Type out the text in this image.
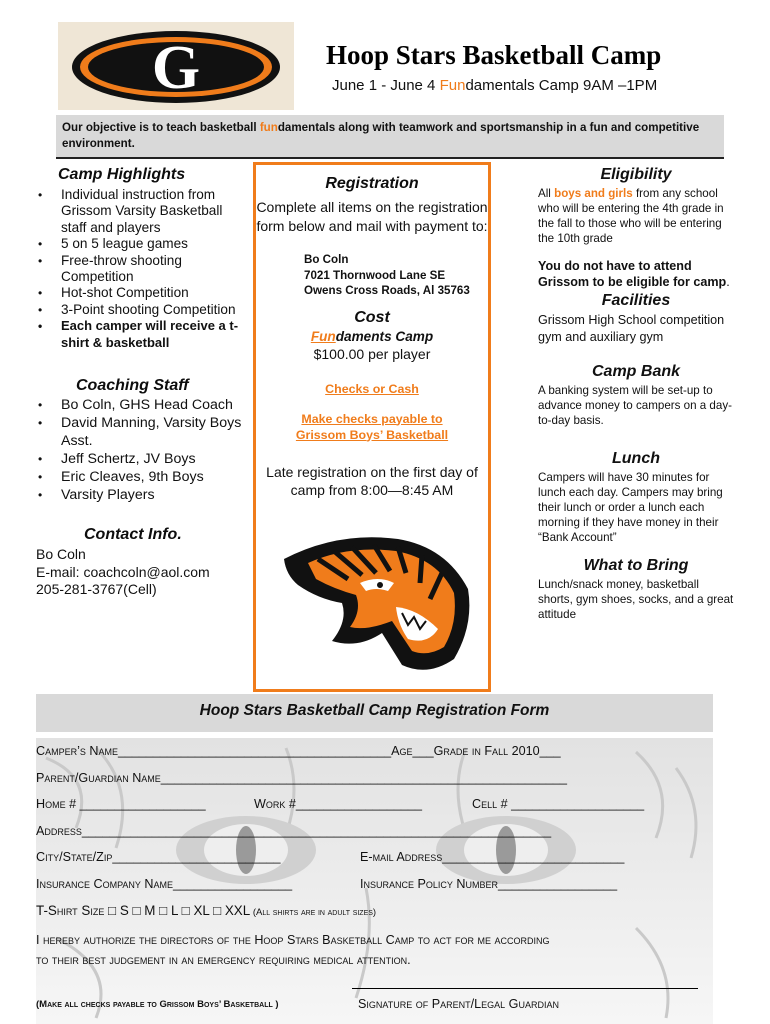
G	Hoop Stars Basketball Camp
June 1 - June 4 Fundamentals Camp 9AM –1PM
Our objective is to teach basketball fundamentals along with teamwork and sportsmanship in a fun and competitive environment.
Camp Highlights
• Individual instruction from Grissom Varsity Basketball staff and players
• 5 on 5 league games
• Free-throw shooting Competition
• Hot-shot Competition
• 3-Point shooting Competition
• Each camper will receive a t-shirt & basketball
Coaching Staff
• Bo Coln, GHS Head Coach
• David Manning, Varsity Boys Asst.
• Jeff Schertz, JV Boys
• Eric Cleaves, 9th Boys
• Varsity Players
Contact Info.
Bo Coln
E-mail: coachcoln@aol.com
205-281-3767(Cell)
Registration
Complete all items on the registration form below and mail with payment to:
Bo Coln
7021 Thornwood Lane SE
Owens Cross Roads, Al 35763
Cost
Fundaments Camp
$100.00 per player
Checks or Cash
Make checks payable to
Grissom Boys’ Basketball
Late registration on the first day of camp from 8:00—8:45 AM
Eligibility
All boys and girls from any school who will be entering the 4th grade in the fall to those who will be entering the 10th grade
You do not have to attend Grissom to be eligible for camp.
Facilities
Grissom High School competition gym and auxiliary gym
Camp Bank
A banking system will be set-up to advance money to campers on a day-to-day basis.
Lunch
Campers will have 30 minutes for lunch each day. Campers may bring their lunch or order a lunch each morning if they have money in their “Bank Account”
What to Bring
Lunch/snack money, basketball shorts, gym shoes, socks, and a great attitude
Hoop Stars Basketball Camp Registration Form
Camper’s Name_______________________________________Age___Grade in Fall 2010___
Parent/Guardian Name__________________________________________________________
Home # __________________	Work #__________________	Cell # ___________________
Address___________________________________________________________________
City/State/Zip________________________	E-mail Address__________________________
Insurance Company Name_________________	Insurance Policy Number_________________
T-Shirt Size □ S □ M □ L □ XL □ XXL (All shirts are in adult sizes)
I hereby authorize the directors of the Hoop Stars Basketball Camp to act for me according
to their best judgement in an emergency requiring medical attention.
(Make all checks payable to Grissom Boys’ Basketball )	Signature of Parent/Legal Guardian
